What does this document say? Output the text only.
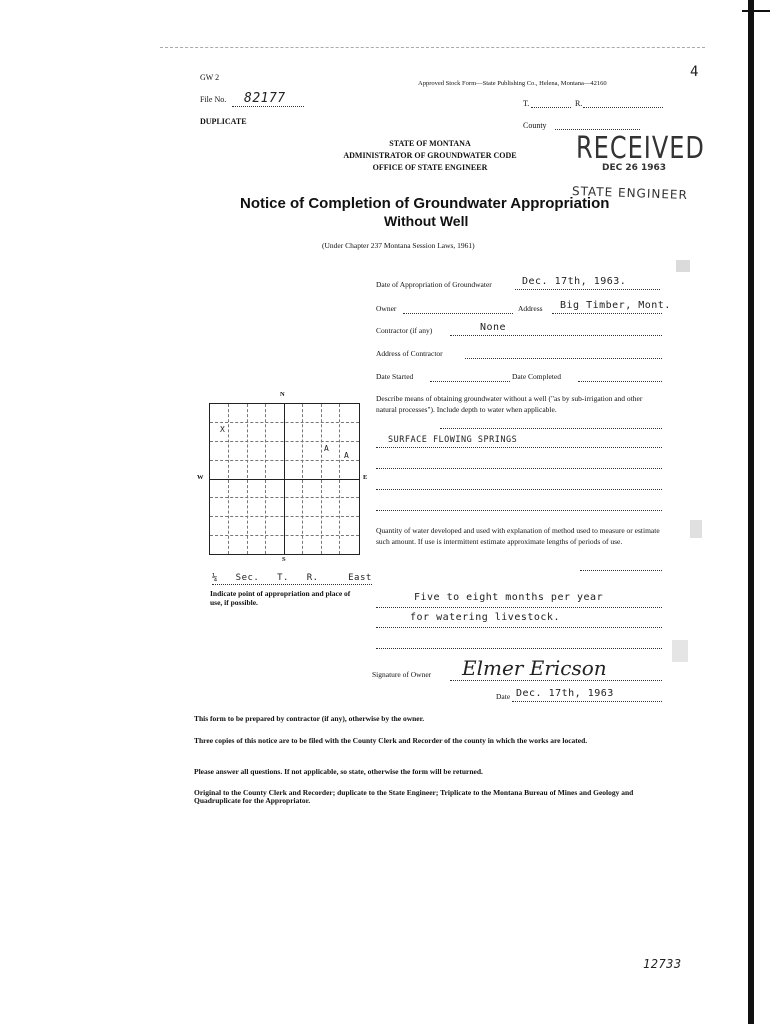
GW 2
Approved Stock Form—State Publishing Co., Helena, Montana—42160
4
File No. 82177
DUPLICATE
T.	R.
County
STATE OF MONTANA
ADMINISTRATOR OF GROUNDWATER CODE
OFFICE OF STATE ENGINEER
RECEIVED
DEC 26 1963
STATE ENGINEER
Notice of Completion of Groundwater Appropriation
Without Well
(Under Chapter 237 Montana Session Laws, 1961)
Date of Appropriation of Groundwater	Dec. 17th, 1963.
Owner	Address Big Timber, Mont.
Contractor (if any)	None
Address of Contractor
Date Started	Date Completed
Describe means of obtaining groundwater without a well ("as by sub-irrigation and other natural processes"). Include depth to water when applicable.
SURFACE FLOWING SPRINGS
Quantity of water developed and used with explanation of method used to measure or estimate such amount. If use is intermittent estimate approximate lengths of periods of use.
Five to eight months per year
for watering livestock.
Signature of Owner Elmer Ericson
Date Dec. 17th, 1963
N
S
W	E
X
A
A
¼   Sec.   T.   R.     East
Indicate point of appropriation and place of use, if possible.
This form to be prepared by contractor (if any), otherwise by the owner.
Three copies of this notice are to be filed with the County Clerk and Recorder of the county in which the works are located.
Please answer all questions. If not applicable, so state, otherwise the form will be returned.
Original to the County Clerk and Recorder; duplicate to the State Engineer; Triplicate to the Montana Bureau of Mines and Geology and Quadruplicate for the Appropriator.
12733
